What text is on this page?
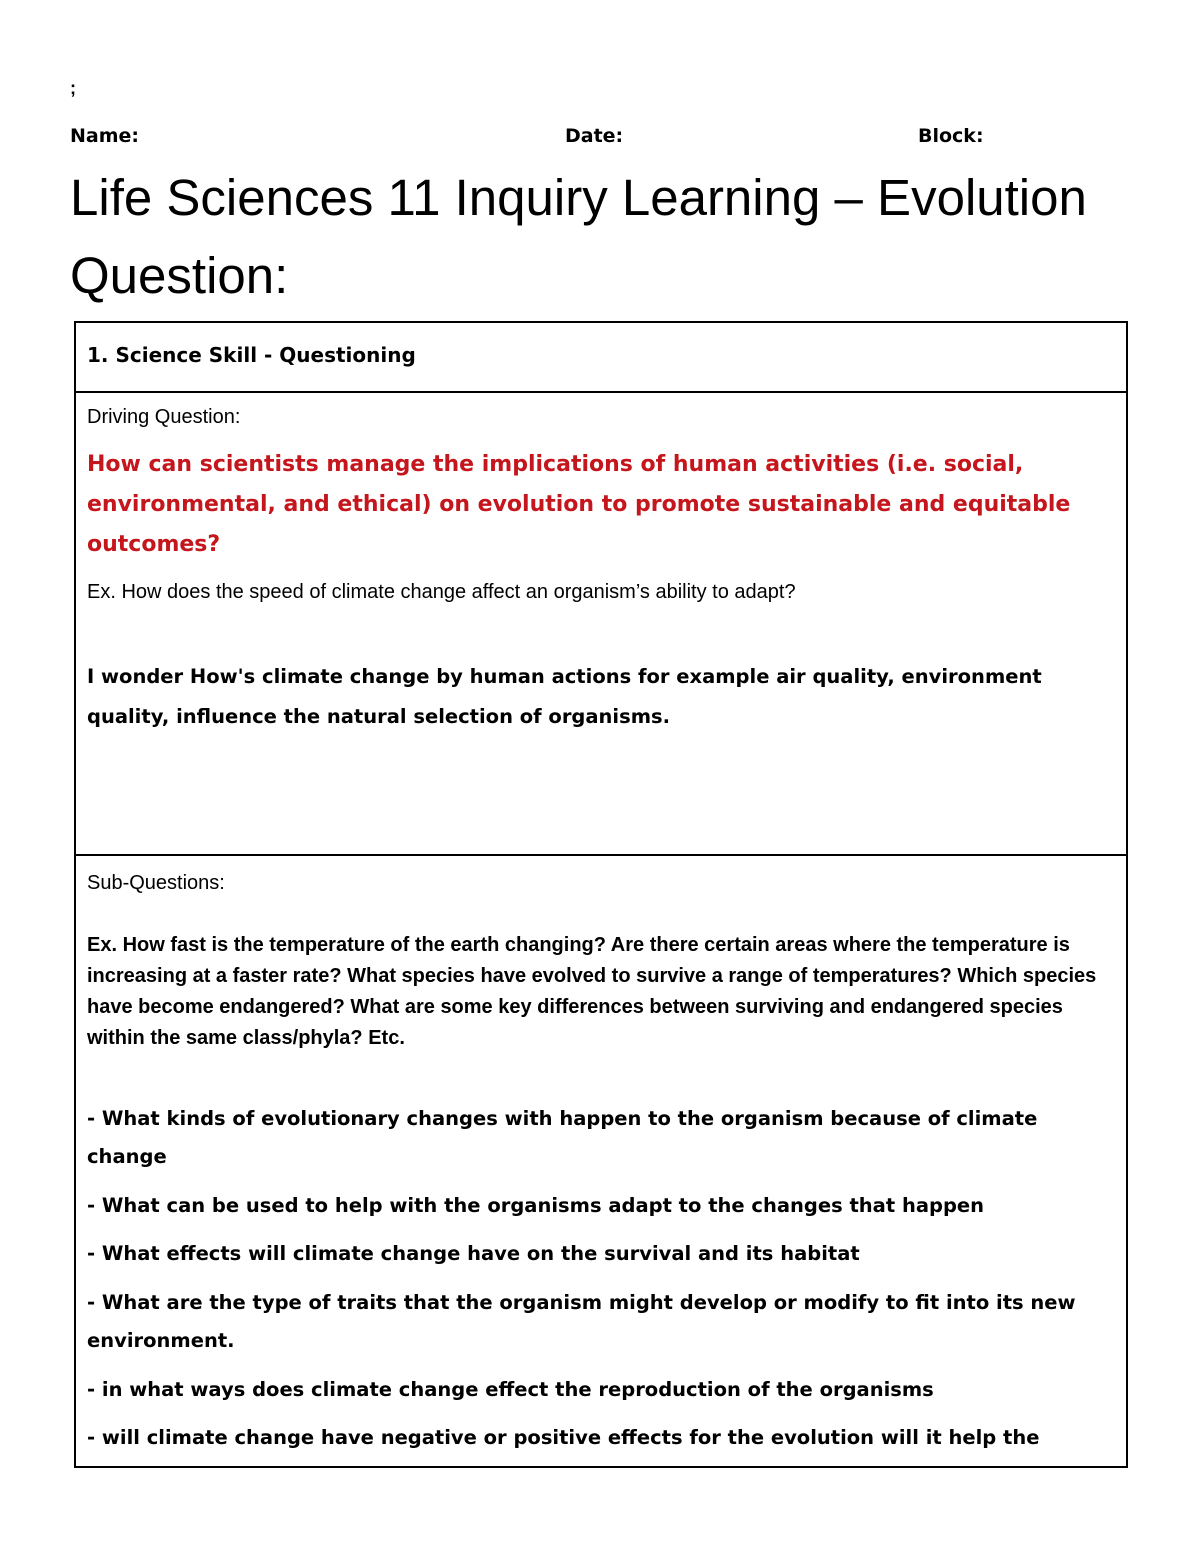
;
Name:	Date:	Block:
Life Sciences 11 Inquiry Learning – Evolution
Question:
1. Science Skill - Questioning
Driving Question:
How can scientists manage the implications of human activities (i.e. social, environmental, and ethical) on evolution to promote sustainable and equitable outcomes?
Ex. How does the speed of climate change affect an organism’s ability to adapt?
I wonder How's climate change by human actions for example air quality, environment quality, influence the natural selection of organisms.
Sub-Questions:
Ex. How fast is the temperature of the earth changing? Are there certain areas where the temperature is increasing at a faster rate? What species have evolved to survive a range of temperatures? Which species have become endangered? What are some key differences between surviving and endangered species within the same class/phyla? Etc.
- What kinds of evolutionary changes with happen to the organism because of climate change
- What can be used to help with the organisms adapt to the changes that happen
- What effects will climate change have on the survival and its habitat
- What are the type of traits that the organism might develop or modify to fit into its new environment.
- in what ways does climate change effect the reproduction of the organisms
- will climate change have negative or positive effects for the evolution will it help the
